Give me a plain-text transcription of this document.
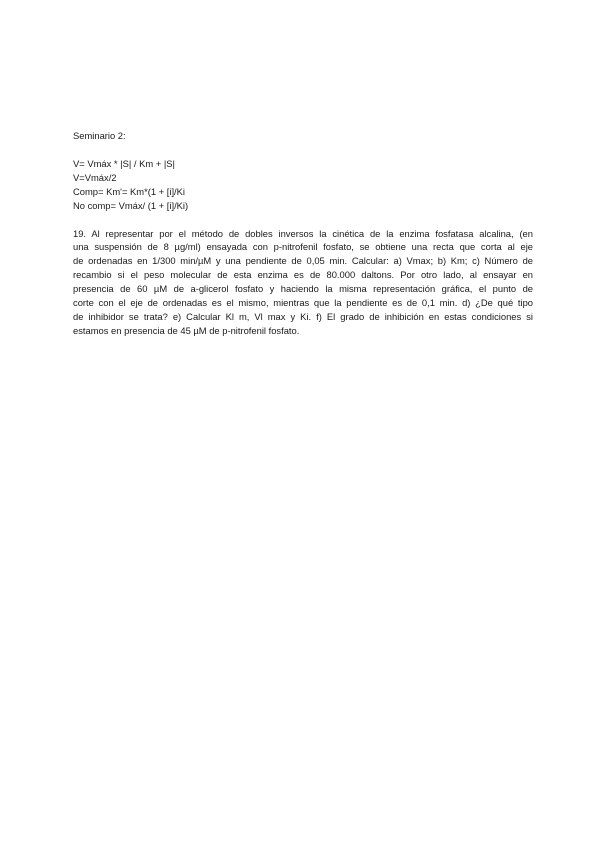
Seminario 2:
V= Vmáx * |S| / Km + |S|
V=Vmáx/2
Comp= Km'= Km*(1 + [i]/Ki
No comp= Vmáx/ (1 + [i]/Ki)
19. Al representar por el método de dobles inversos la cinética de la enzima fosfatasa alcalina, (en
una suspensión de 8 µg/ml) ensayada con p-nitrofenil fosfato, se obtiene una recta que corta al eje
de ordenadas en 1/300 min/µM y una pendiente de 0,05 min. Calcular: a) Vmax; b) Km; c) Número de
recambio si el peso molecular de esta enzima es de 80.000 daltons. Por otro lado, al ensayar en
presencia de 60 µM de a-glicerol fosfato y haciendo la misma representación gráfica, el punto de
corte con el eje de ordenadas es el mismo, mientras que la pendiente es de 0,1 min. d) ¿De qué tipo
de inhibidor se trata? e) Calcular Kl m, Vl max y Ki. f) El grado de inhibición en estas condiciones si
estamos en presencia de 45 µM de p-nitrofenil fosfato.
